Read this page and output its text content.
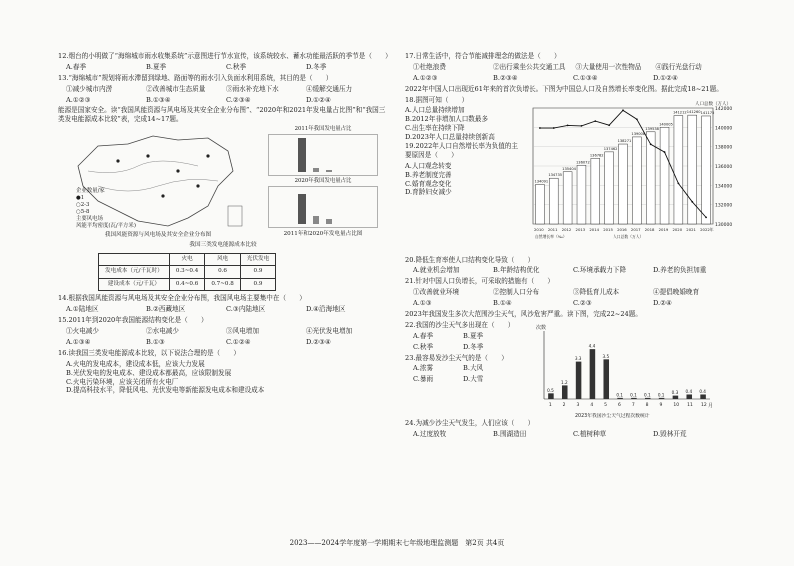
12.烟台的小明做了“海绵城市雨水收集系统”示意图进行节水宣传，该系统较水、蓄水功能最活跃的季节是（　　）
A.春季	B.夏季	C.秋季	D.冬季
13.“海绵城市”规划将雨水滞留到绿地、路面等的雨水引入负面水利用系统，其目的是（　　）
①减少城市内涝	②改善城市生态质量	③雨水补充地下水	④缓解交通压力
A.①②③	B.①③④	C.②③④	D.①②④
能源是国家安全。读“我国风能资源与风电场及其安全企业分布图”、“2020年和2021年发电量占比图”和“我国三类发电能源成本比较”表，完成14~17题。
企业数量/家
●1
○2-3
○5-8
主要风电场
风能平均密度(瓦/平方米)
我国风能资源与风电场及其安全企业分布图
2011年我国发电量占比
2020年我国发电量占比
2011年和2020年发电量占比图
我国三类发电能源成本比较
	火电	风电	光伏发电
发电成本（元/千瓦时）	0.3~0.4	0.6	0.9
建设成本（元/千瓦）	0.4~0.6	0.7~0.8	0.9
14.根据我国风能资源与风电场及其安全企业分布图，我国风电场主要集中在（　　）
A.①陆地区	B.②西藏地区	C.③内陆地区	D.④沿海地区
15.2011年到2020年我国能源结构变化是（　　）
①火电减少	②水电减少	③风电增加	④光伏发电增加
A.①③④	B.①③	C.①②④	D.②③④
16.读我国三类发电能源成本比较，以下说法合理的是（　　）
A.火电的发电成本，建设成本低，应该大力发展
B.光伏发电的发电成本、建设成本都最高，应该限制发展
C.火电污染环境，应该关闭所有火电厂
D.提高科技水平，降低风电、光伏发电等新能源发电成本和建设成本
17.日常生活中，符合节能减排理念的做法是（　　）
①杜绝浪费	②出行乘坐公共交通工具 ③大量使用一次性物品	④践行光盘行动
A.①②③	B.②③④	C.①③④	D.①②④
2022年中国人口出现近61年来的首次负增长。下图为中国总人口及自然增长率变化图。据此完成18~21题。
18.据图可知（　　）
A.人口总量持续增加
B.2012年非增加人口数最多
C.出生率在持续下降
D.2023年人口总量持续创新高
19.2022年人口自然增长率为负值的主要原因是（　　）
A.人口观念转变
B.养老制度完善
C.婚育观念变化
D.育龄妇女减少
142000
140000
138000
136000
134000
132000
130000
人口总数（万人）
134091
2010
134735
2011
135404
2012
136072
2013
136782
2014
137462
2015
138271
2016
139008
2017
139538
2018
140005
2019
141212
2020
141260
2021
141175
2022年
自然增长率（‰）	人口总数（万人）
20.降低生育率使人口结构变化导致（　　）
A.就业机会增加	B.年龄结构优化	C.环境承载力下降	D.养老的负担加重
21.针对中国人口负增长，可采取的措施有（　　）
①改善就业环境	②控制人口分布	③降低育儿成本	④提倡晚婚晚育
A.①③	B.①④	C.②③	D.②④
2023年我国发生多次大范围沙尘天气，风沙危害严重。读下图，完成22~24题。
22.我国的沙尘天气多出现在（　　）
A.春季	B.夏季
C.秋季	D.冬季
23.最容易发沙尘天气的是（　　）
A.浓雾	B.大风
C.暴雨	D.大雪
次数
月
0.5
1
1.2
2
3.3
3
4.4
4
3.5
5
0.1
6
0.1
7
0.1
8
0.1
9
0.3
10
0.4
11
0.4
12
2023年我国沙尘天气过程次数统计
24.为减少沙尘天气发生，人们应该（　　）
A.过度放牧	B.围湖造田	C.植树种草	D.毁林开荒
2023——2024学年度第一学期期末七年级地理监测题　第2页 共4页
